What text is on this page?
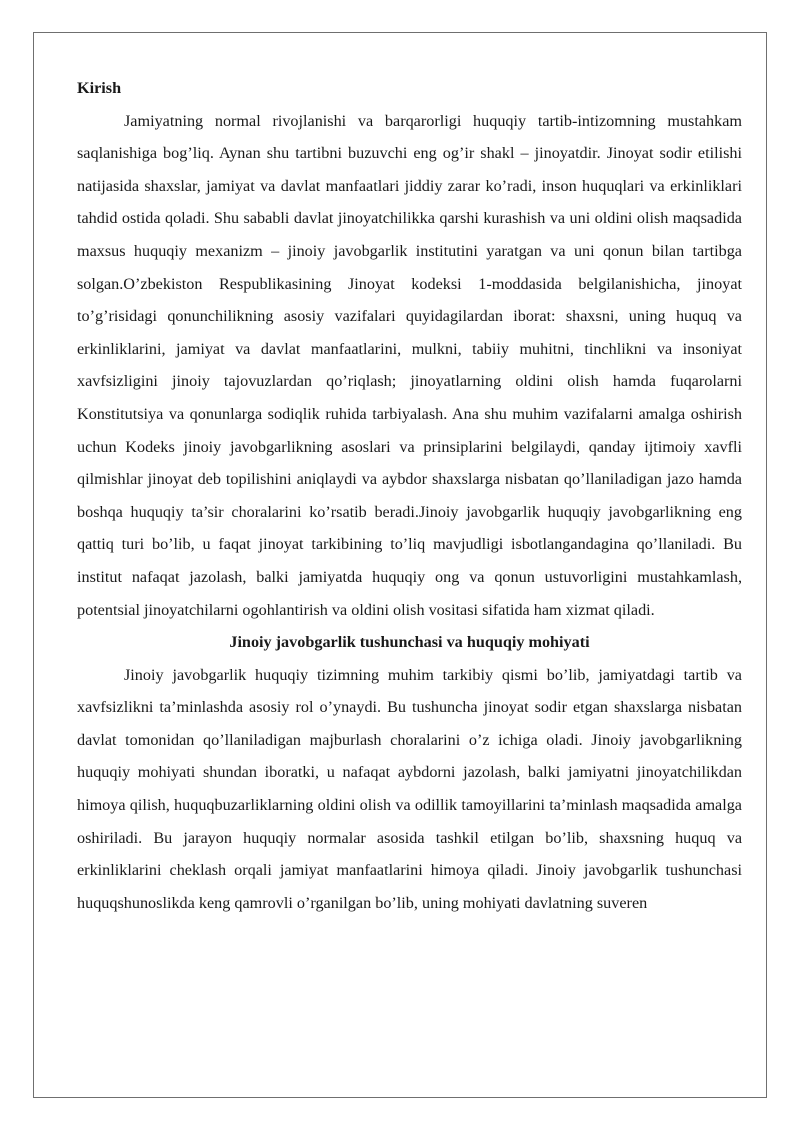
Kirish

Jamiyatning normal rivojlanishi va barqarorligi huquqiy tartib-intizomning mustahkam saqlanishiga bog’liq. Aynan shu tartibni buzuvchi eng og’ir shakl – jinoyatdir. Jinoyat sodir etilishi natijasida shaxslar, jamiyat va davlat manfaatlari jiddiy zarar ko’radi, inson huquqlari va erkinliklari tahdid ostida qoladi. Shu sababli davlat jinoyatchilikka qarshi kurashish va uni oldini olish maqsadida maxsus huquqiy mexanizm – jinoiy javobgarlik institutini yaratgan va uni qonun bilan tartibga solgan.O’zbekiston Respublikasining Jinoyat kodeksi 1-moddasida belgilanishicha, jinoyat to’g’risidagi qonunchilikning asosiy vazifalari quyidagilardan iborat: shaxsni, uning huquq va erkinliklarini, jamiyat va davlat manfaatlarini, mulkni, tabiiy muhitni, tinchlikni va insoniyat xavfsizligini jinoiy tajovuzlardan qo’riqlash; jinoyatlarning oldini olish hamda fuqarolarni Konstitutsiya va qonunlarga sodiqlik ruhida tarbiyalash. Ana shu muhim vazifalarni amalga oshirish uchun Kodeks jinoiy javobgarlikning asoslari va prinsiplarini belgilaydi, qanday ijtimoiy xavfli qilmishlar jinoyat deb topilishini aniqlaydi va aybdor shaxslarga nisbatan qo’llaniladigan jazo hamda boshqa huquqiy ta’sir choralarini ko’rsatib beradi.Jinoiy javobgarlik huquqiy javobgarlikning eng qattiq turi bo’lib, u faqat jinoyat tarkibining to’liq mavjudligi isbotlangandagina qo’llaniladi. Bu institut nafaqat jazolash, balki jamiyatda huquqiy ong va qonun ustuvorligini mustahkamlash, potentsial jinoyatchilarni ogohlantirish va oldini olish vositasi sifatida ham xizmat qiladi.

Jinoiy javobgarlik tushunchasi va huquqiy mohiyati

Jinoiy javobgarlik huquqiy tizimning muhim tarkibiy qismi bo’lib, jamiyatdagi tartib va xavfsizlikni ta’minlashda asosiy rol o’ynaydi. Bu tushuncha jinoyat sodir etgan shaxslarga nisbatan davlat tomonidan qo’llaniladigan majburlash choralarini o’z ichiga oladi. Jinoiy javobgarlikning huquqiy mohiyati shundan iboratki, u nafaqat aybdorni jazolash, balki jamiyatni jinoyatchilikdan himoya qilish, huquqbuzarliklarning oldini olish va odillik tamoyillarini ta’minlash maqsadida amalga oshiriladi. Bu jarayon huquqiy normalar asosida tashkil etilgan bo’lib, shaxsning huquq va erkinliklarini cheklash orqali jamiyat manfaatlarini himoya qiladi. Jinoiy javobgarlik tushunchasi huquqshunoslikda keng qamrovli o’rganilgan bo’lib, uning mohiyati davlatning suveren
